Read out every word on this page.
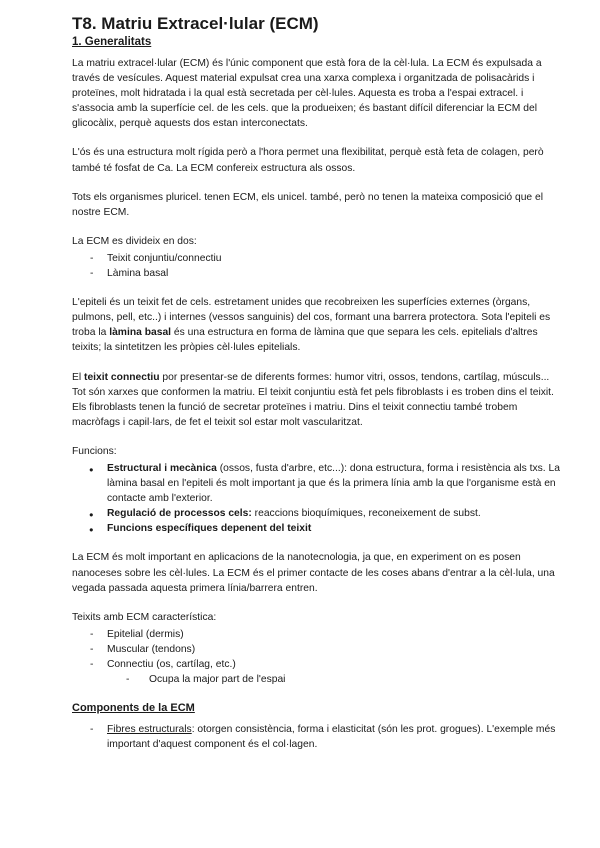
T8. Matriu Extracel·lular (ECM)
1. Generalitats

La matriu extracel·lular (ECM) és l'únic component que està fora de la cèl·lula. La ECM és expulsada a través de vesícules. Aquest material expulsat crea una xarxa complexa i organitzada de polisacàrids i proteïnes, molt hidratada i la qual està secretada per cèl·lules. Aquesta es troba a l'espai extracel. i s'associa amb la superfície cel. de les cels. que la produeixen; és bastant difícil diferenciar la ECM del glicocàlix, perquè aquests dos estan interconectats.

L'ós és una estructura molt rígida però a l'hora permet una flexibilitat, perquè està feta de colagen, però també té fosfat de Ca. La ECM confereix estructura als ossos.

Tots els organismes pluricel. tenen ECM, els unicel. també, però no tenen la mateixa composició que el nostre ECM.

La ECM es divideix en dos:

- Teixit conjuntiu/connectiu
- Làmina basal

L'epiteli és un teixit fet de cels. estretament unides que recobreixen les superfícies externes (òrgans, pulmons, pell, etc..) i internes (vessos sanguinis) del cos, formant una barrera protectora. Sota l'epiteli es troba la làmina basal és una estructura en forma de làmina que que separa les cels. epitelials d'altres teixits; la sintetitzen les pròpies cèl·lules epitelials.

El teixit connectiu por presentar-se de diferents formes: humor vitri, ossos, tendons, cartílag, músculs... Tot són xarxes que conformen la matriu. El teixit conjuntiu està fet pels fibroblasts i es troben dins el teixit. Els fibroblasts tenen la funció de secretar proteïnes i matriu. Dins el teixit connectiu també trobem macròfags i capil·lars, de fet el teixit sol estar molt vascularitzat.

Funcions:

● Estructural i mecànica (ossos, fusta d'arbre, etc...): dona estructura, forma i resistència als txs. La làmina basal en l'epiteli és molt important ja que és la primera línia amb la que l'organisme està en contacte amb l'exterior.
● Regulació de processos cels: reaccions bioquímiques, reconeixement de subst.
● Funcions específiques depenent del teixit

La ECM és molt important en aplicacions de la nanotecnologia, ja que, en experiment on es posen nanoceses sobre les cèl·lules. La ECM és el primer contacte de les coses abans d'entrar a la cèl·lula, una vegada passada aquesta primera línia/barrera entren.

Teixits amb ECM característica:

- Epitelial (dermis)
- Muscular (tendons)
- Connectiu (os, cartílag, etc.)
- Ocupa la major part de l'espai
Components de la ECM
- Fibres estructurals: otorgen consistència, forma i elasticitat (són les prot. grogues). L'exemple més important d'aquest component és el col·lagen.
